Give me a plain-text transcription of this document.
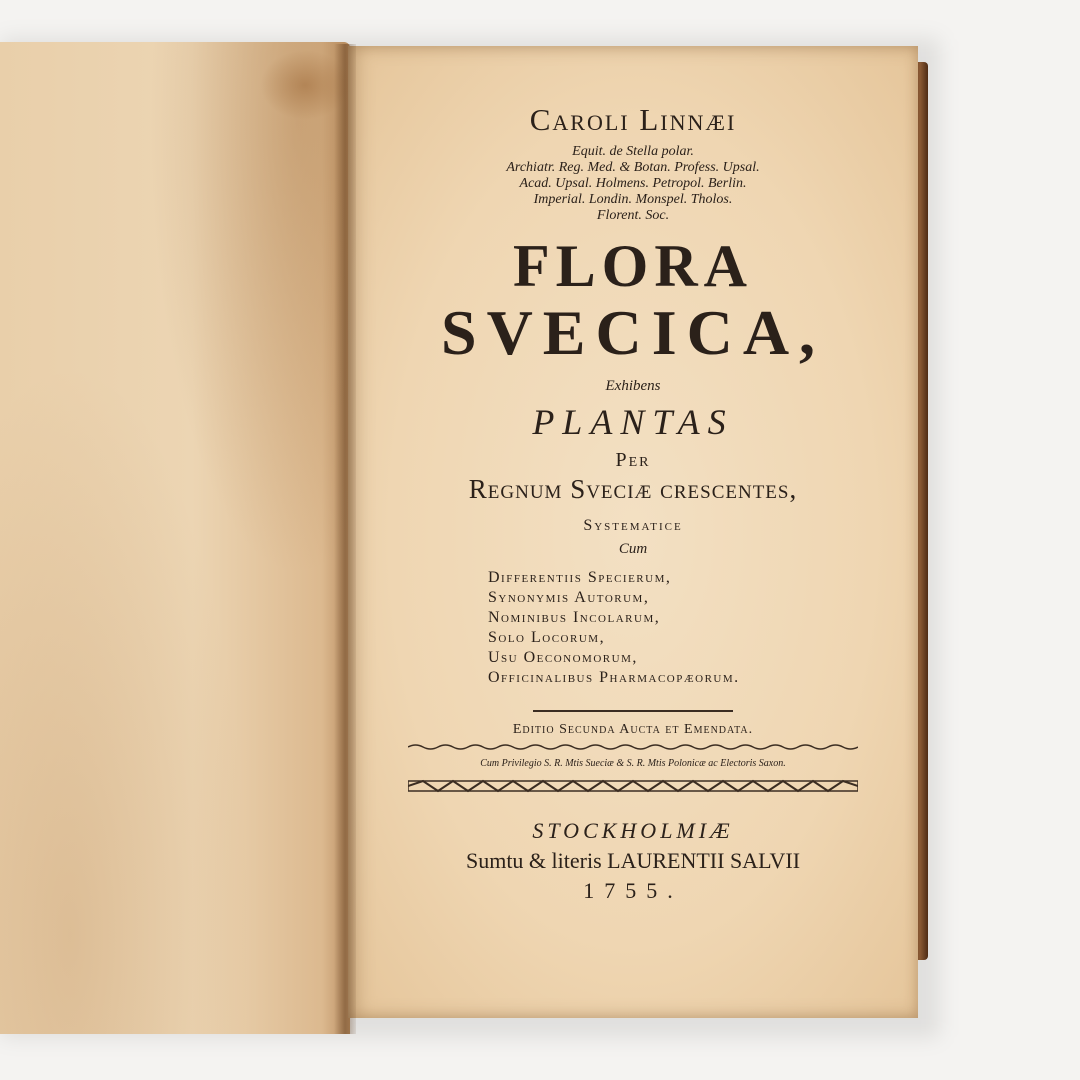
Caroli Linnæi
Equit. de Stella polar.
Archiatr. Reg. Med. & Botan. Profess. Upsal.
Acad. Upsal. Holmens. Petropol. Berlin.
Imperial. Londin. Monspel. Tholos.
Florent. Soc.
FLORA
SVECICA,
Exhibens
PLANTAS
Per
Regnum Sveciæ crescentes,
Systematice
Cum
Differentiis Specierum,
Synonymis Autorum,
Nominibus Incolarum,
Solo Locorum,
Usu Oeconomorum,
Officinalibus Pharmacopæorum.
Editio Secunda Aucta et Emendata.
Cum Privilegio S. R. Mtis Sueciæ & S. R. Mtis Polonicæ ac Electoris Saxon.
STOCKHOLMIÆ
Sumtu & literis LAURENTII SALVII
1755.
